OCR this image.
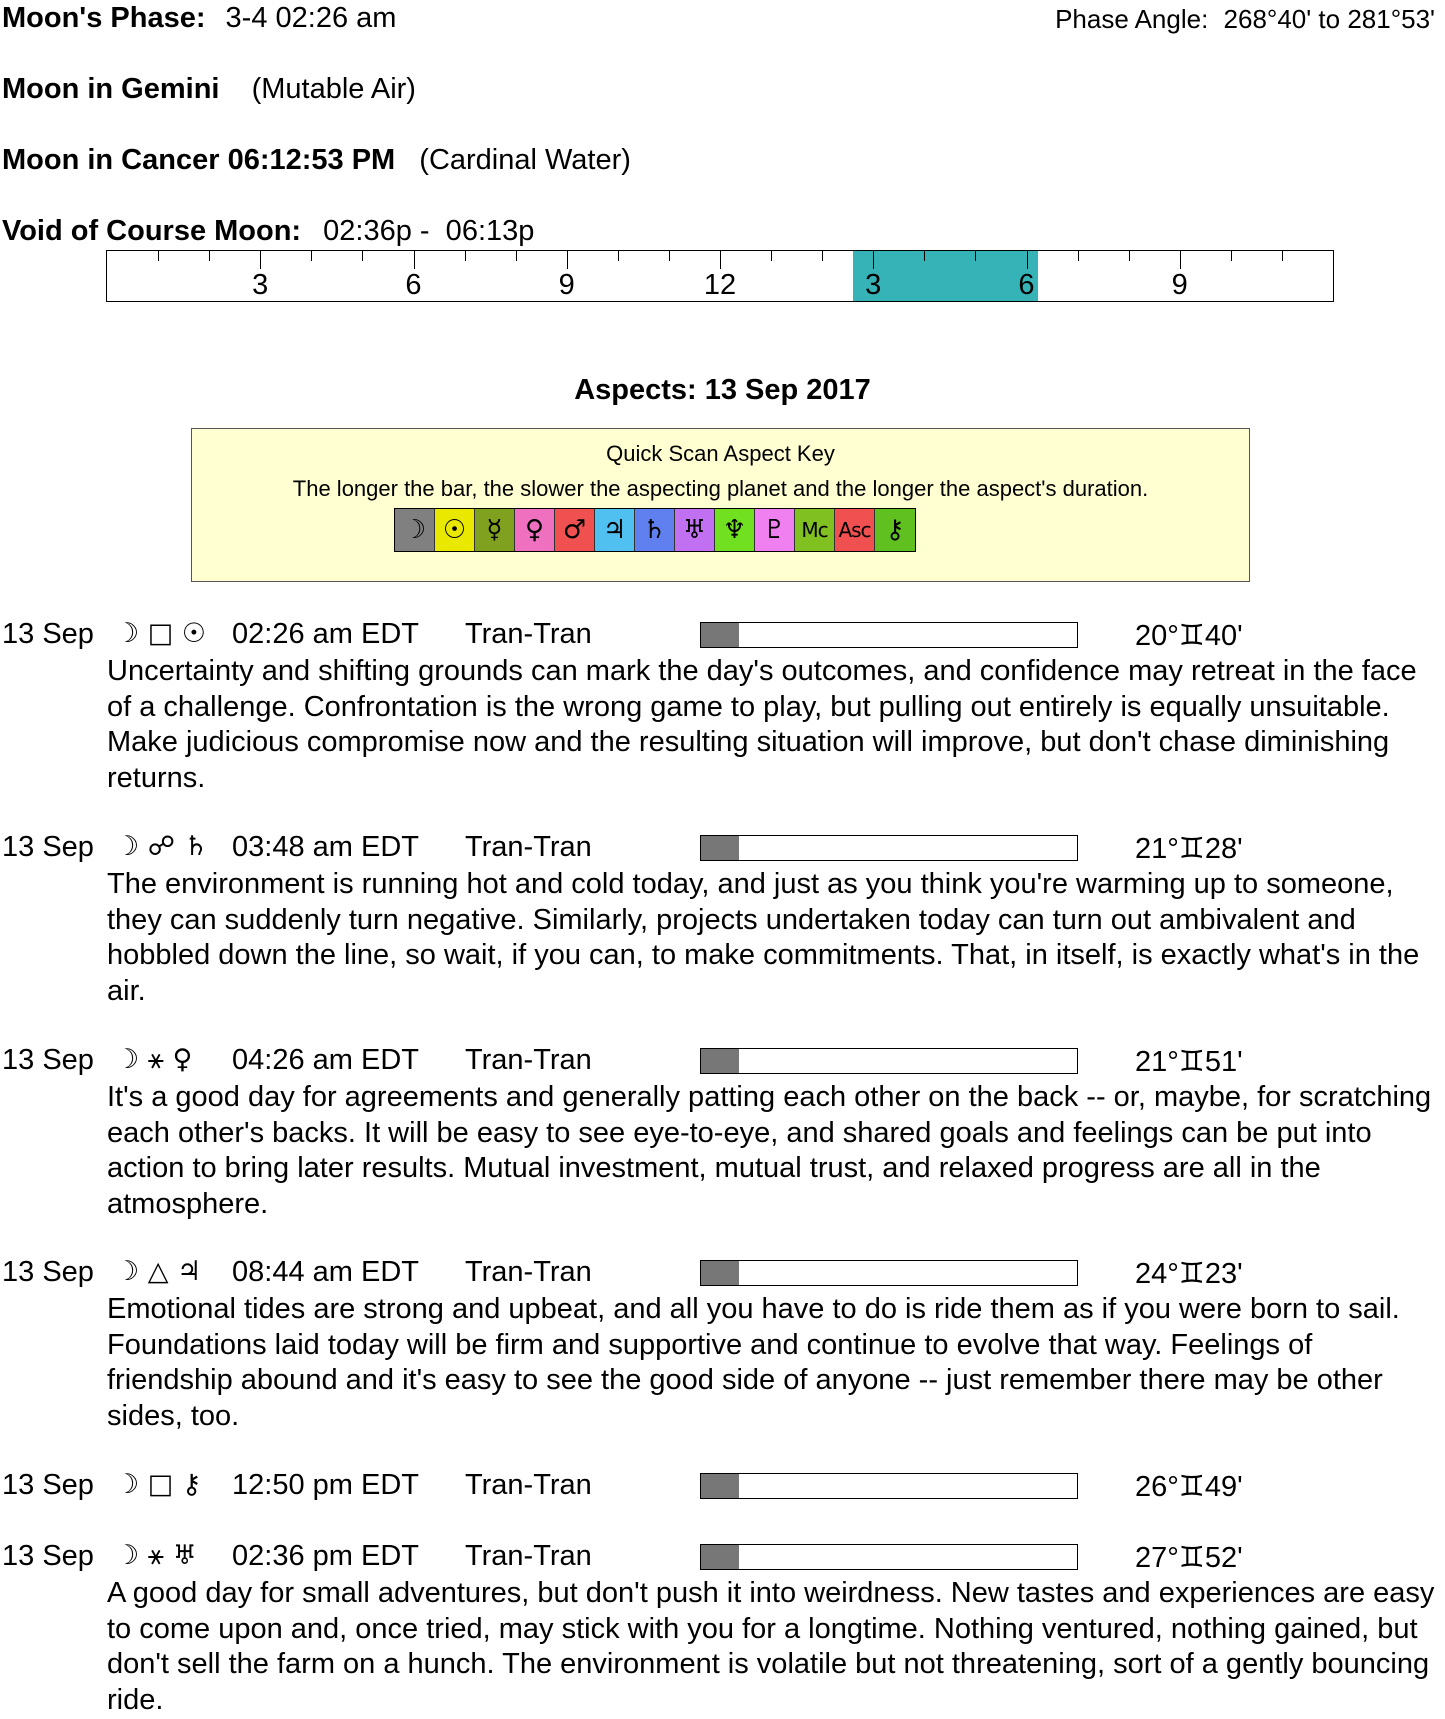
Moon's Phase: 3-4 02:26 am	Phase Angle: 268°40' to 281°53'
Moon in Gemini (Mutable Air)
Moon in Cancer 06:12:53 PM (Cardinal Water)
Void of Course Moon: 02:36p -  06:13p
3	6	9	12	3	6	9
Aspects: 13 Sep 2017
Quick Scan Aspect Key
The longer the bar, the slower the aspecting planet and the longer the aspect's duration.
☽ ☉ ☿ ♀ ♂ ♃ ♄ ♅ ♆ ♇ Mc Asc ⚷
13 Sep ☽ □ ☉ 02:26 am EDT Tran-Tran	20°♊40'
Uncertainty and shifting grounds can mark the day's outcomes, and confidence may retreat in the face of a challenge. Confrontation is the wrong game to play, but pulling out entirely is equally unsuitable. Make judicious compromise now and the resulting situation will improve, but don't chase diminishing returns.
13 Sep ☽ ☍ ♄ 03:48 am EDT Tran-Tran	21°♊28'
The environment is running hot and cold today, and just as you think you're warming up to someone, they can suddenly turn negative. Similarly, projects undertaken today can turn out ambivalent and hobbled down the line, so wait, if you can, to make commitments. That, in itself, is exactly what's in the air.
13 Sep ☽ ⚹ ♀ 04:26 am EDT Tran-Tran	21°♊51'
It's a good day for agreements and generally patting each other on the back -- or, maybe, for scratching each other's backs. It will be easy to see eye-to-eye, and shared goals and feelings can be put into action to bring later results. Mutual investment, mutual trust, and relaxed progress are all in the atmosphere.
13 Sep ☽ △ ♃ 08:44 am EDT Tran-Tran	24°♊23'
Emotional tides are strong and upbeat, and all you have to do is ride them as if you were born to sail. Foundations laid today will be firm and supportive and continue to evolve that way. Feelings of friendship abound and it's easy to see the good side of anyone -- just remember there may be other sides, too.
13 Sep ☽ □ ⚷ 12:50 pm EDT Tran-Tran	26°♊49'
13 Sep ☽ ⚹ ♅ 02:36 pm EDT Tran-Tran	27°♊52'
A good day for small adventures, but don't push it into weirdness. New tastes and experiences are easy to come upon and, once tried, may stick with you for a longtime. Nothing ventured, nothing gained, but don't sell the farm on a hunch. The environment is volatile but not threatening, sort of a gently bouncing ride.
